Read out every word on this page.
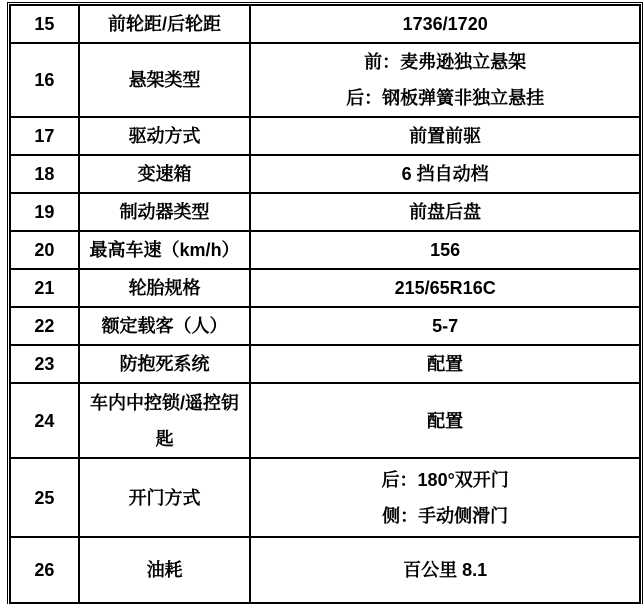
15	前轮距/后轮距	1736/1720

16	悬架类型	前：麦弗逊独立悬架
后：钢板弹簧非独立悬挂

17	驱动方式	前置前驱

18	变速箱	6 挡自动档

19	制动器类型	前盘后盘

20	最高车速（km/h）	156

21	轮胎规格	215/65R16C

22	额定载客（人）	5-7

23	防抱死系统	配置

24	车内中控锁/遥控钥匙	配置

25	开门方式	后：180°双开门
侧：手动侧滑门

26	油耗	百公里 8.1
